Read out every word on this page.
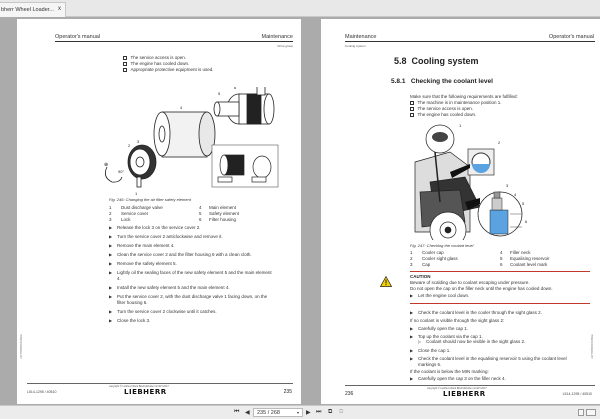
bherr Wheel Loader... x
Operator's manual	Maintenance
Drive group
The service access is open.
The engine has cooled down.
Appropriate protective equipment is used.
⊕
90°
1
2
3
4
5
6
Fig. 246: Changing the air filter safety element
1 Dust discharge valve	4 Main element
2 Service cover	5 Safety element
3 Lock	6 Filter housing
▶	Release the lock 3 on the service cover 2.
▶	Turn the service cover 2 anticlockwise and remove it.
▶	Remove the main element 4.
▶	Clean the service cover 2 and the filter housing 6 with a clean cloth.
▶	Remove the safety element 5.
▶	Lightly oil the sealing faces of the new safety element 5 and the main element 4.
▶	Install the new safety element 5 and the main element 4.
▶	Put the service cover 2, with the dust discharge valve 1 facing down, on the filter housing 6.
▶	Turn the service cover 2 clockwise until it catches.
▶	Close the lock 3.
LWHT/3580000038/en
L514-1295 / 40510
copyright © Liebherr-Werk Bischofshofen GmbH 2017
LIEBHERR	235
Maintenance	Operator's manual
Cooling system
5.8 Cooling system
5.8.1 Checking the coolant level
Make sure that the following requirements are fulfilled:
The machine is in maintenance position 1.
The service access is open.
The engine has cooled down.
1
2
3
4
5
6
Fig. 247: Checking the coolant level
1 Cooler cap	4 Filler neck
2 Cooler sight glass	5 Equalising reservoir
3 Cap	6 Coolant level mark
CAUTION
Beware of scalding due to coolant escaping under pressure.
Do not open the cap on the filler neck until the engine has cooled down.
▶	Let the engine cool down.
▶	Check the coolant level in the cooler through the sight glass 2.
If no coolant is visible through the sight glass 2:
▶	Carefully open the cap 1.
▶	Top up the coolant via the cap 1.
▷	Coolant should now be visible in the sight glass 2.
▶	Close the cap 1.
▶	Check the coolant level in the equalising reservoir 5 using the coolant level markings 6.
If the coolant is below the MIN marking:
▶	Carefully open the cap 3 on the filler neck 4.
LWHT/3580000038/en
236
copyright © Liebherr-Werk Bischofshofen GmbH 2017
LIEBHERR	L514-1295 / 40510
⏮ ◀	235 / 268	▾ ▶ ⏭ ⧉ ⧉
